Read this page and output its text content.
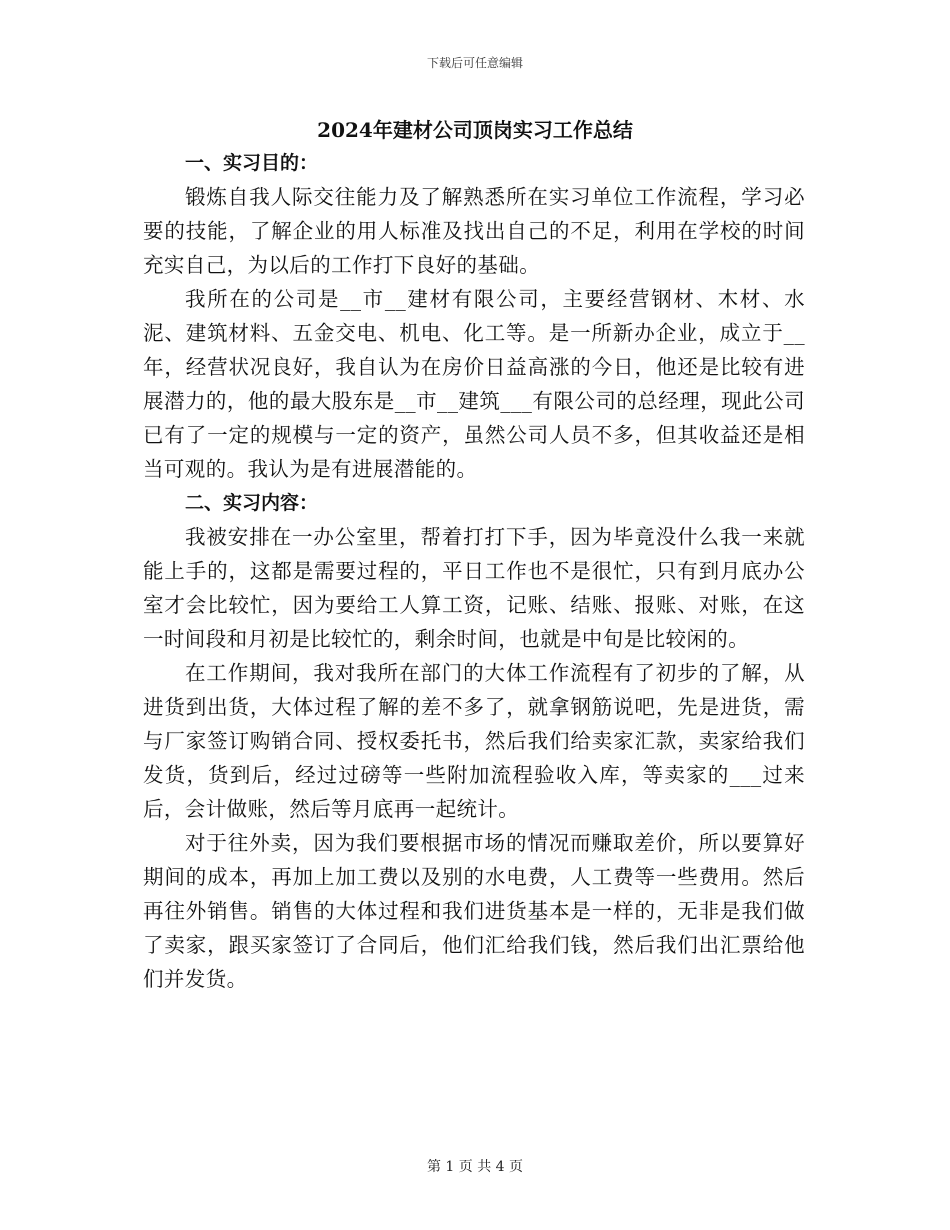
下载后可任意编辑
2024年建材公司顶岗实习工作总结

一、实习目的：

锻炼自我人际交往能力及了解熟悉所在实习单位工作流程，学习必要的技能，了解企业的用人标准及找出自己的不足，利用在学校的时间充实自己，为以后的工作打下良好的基础。

我所在的公司是__市__建材有限公司，主要经营钢材、木材、水泥、建筑材料、五金交电、机电、化工等。是一所新办企业，成立于__年，经营状况良好，我自认为在房价日益高涨的今日，他还是比较有进展潜力的，他的最大股东是__市__建筑___有限公司的总经理，现此公司已有了一定的规模与一定的资产，虽然公司人员不多，但其收益还是相当可观的。我认为是有进展潜能的。

二、实习内容：

我被安排在一办公室里，帮着打打下手，因为毕竟没什么我一来就能上手的，这都是需要过程的，平日工作也不是很忙，只有到月底办公室才会比较忙，因为要给工人算工资，记账、结账、报账、对账，在这一时间段和月初是比较忙的，剩余时间，也就是中旬是比较闲的。

在工作期间，我对我所在部门的大体工作流程有了初步的了解，从进货到出货，大体过程了解的差不多了，就拿钢筋说吧，先是进货，需与厂家签订购销合同、授权委托书，然后我们给卖家汇款，卖家给我们发货，货到后，经过过磅等一些附加流程验收入库，等卖家的___过来后，会计做账，然后等月底再一起统计。

对于往外卖，因为我们要根据市场的情况而赚取差价，所以要算好期间的成本，再加上加工费以及别的水电费，人工费等一些费用。然后再往外销售。销售的大体过程和我们进货基本是一样的，无非是我们做了卖家，跟买家签订了合同后，他们汇给我们钱，然后我们出汇票给他们并发货。

第 1 页 共 4 页
